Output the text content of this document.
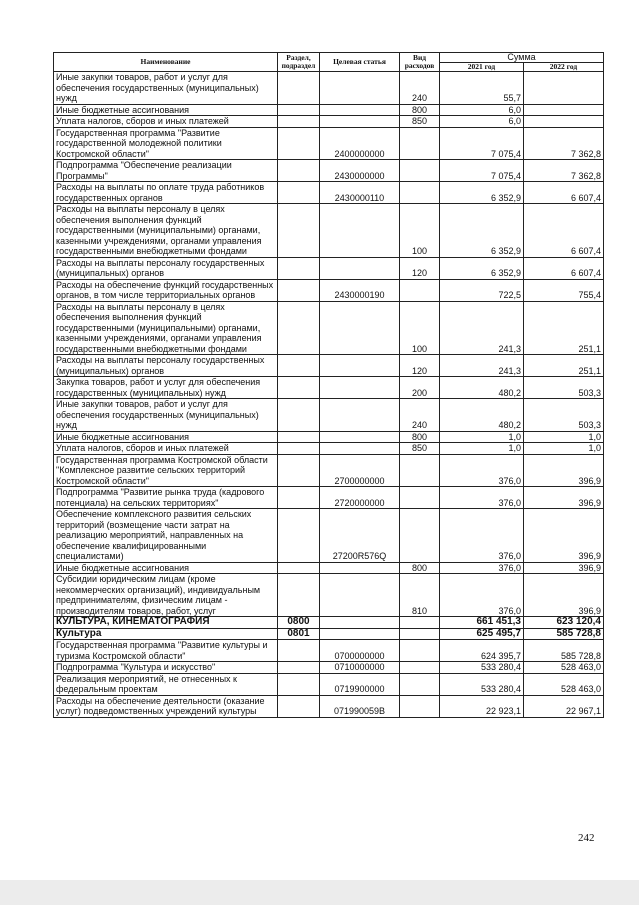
Наименование	Раздел, подраздел	Целевая статья	Вид расходов	Сумма	
				2021 год	2022 год
Иные закупки товаров, работ и услуг для обеспечения государственных (муниципальных) нужд			240	55,7	
Иные бюджетные ассигнования			800	6,0	
Уплата налогов, сборов и иных платежей			850	6,0	
Государственная программа "Развитие государственной молодежной политики Костромской области"		2400000000		7 075,4	7 362,8
Подпрограмма "Обеспечение реализации Программы"		2430000000		7 075,4	7 362,8
Расходы на выплаты по оплате труда работников государственных органов		2430000110		6 352,9	6 607,4
Расходы на выплаты персоналу в целях обеспечения выполнения функций государственными (муниципальными) органами, казенными учреждениями, органами управления государственными внебюджетными фондами			100	6 352,9	6 607,4
Расходы на выплаты персоналу государственных (муниципальных) органов			120	6 352,9	6 607,4
Расходы на обеспечение функций государственных органов, в том числе территориальных органов		2430000190		722,5	755,4
Расходы на выплаты персоналу в целях обеспечения выполнения функций государственными (муниципальными) органами, казенными учреждениями, органами управления государственными внебюджетными фондами			100	241,3	251,1
Расходы на выплаты персоналу государственных (муниципальных) органов			120	241,3	251,1
Закупка товаров, работ и услуг для обеспечения государственных (муниципальных) нужд			200	480,2	503,3
Иные закупки товаров, работ и услуг для обеспечения государственных (муниципальных) нужд			240	480,2	503,3
Иные бюджетные ассигнования			800	1,0	1,0
Уплата налогов, сборов и иных платежей			850	1,0	1,0
Государственная программа Костромской области "Комплексное развитие сельских территорий Костромской области"		2700000000		376,0	396,9
Подпрограмма "Развитие рынка труда (кадрового потенциала) на сельских территориях"		2720000000		376,0	396,9
Обеспечение комплексного развития сельских территорий (возмещение части затрат на реализацию мероприятий, направленных на обеспечение квалифицированными специалистами)		27200R576Q		376,0	396,9
Иные бюджетные ассигнования			800	376,0	396,9
Субсидии юридическим лицам (кроме некоммерческих организаций), индивидуальным предпринимателям, физическим лицам - производителям товаров, работ, услуг			810	376,0	396,9
КУЛЬТУРА, КИНЕМАТОГРАФИЯ	0800			661 451,3	623 120,4
Культура	0801			625 495,7	585 728,8
Государственная программа "Развитие культуры и туризма Костромской области"		0700000000		624 395,7	585 728,8
Подпрограмма "Культура и искусство"		0710000000		533 280,4	528 463,0
Реализация мероприятий, не отнесенных к федеральным проектам		0719900000		533 280,4	528 463,0
Расходы на обеспечение деятельности (оказание услуг) подведомственных учреждений культуры		071990059В		22 923,1	22 967,1
242
